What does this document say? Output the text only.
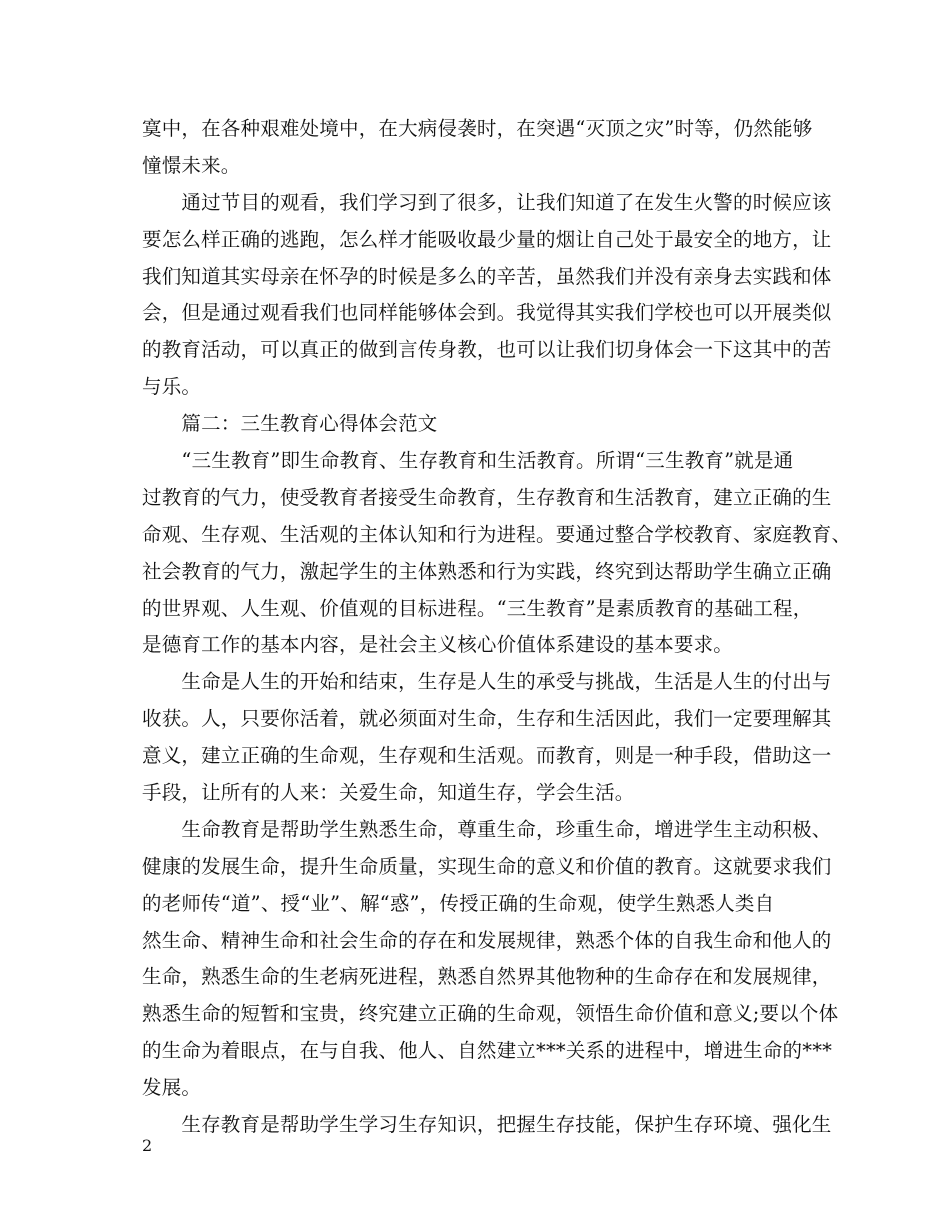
寞中，在各种艰难处境中，在大病侵袭时，在突遇“灭顶之灾”时等，仍然能够
憧憬未来。
　　通过节目的观看，我们学习到了很多，让我们知道了在发生火警的时候应该
要怎么样正确的逃跑，怎么样才能吸收最少量的烟让自己处于最安全的地方，让
我们知道其实母亲在怀孕的时候是多么的辛苦，虽然我们并没有亲身去实践和体
会，但是通过观看我们也同样能够体会到。我觉得其实我们学校也可以开展类似
的教育活动，可以真正的做到言传身教，也可以让我们切身体会一下这其中的苦
与乐。
　　篇二：三生教育心得体会范文
　　“三生教育”即生命教育、生存教育和生活教育。所谓“三生教育”就是通
过教育的气力，使受教育者接受生命教育，生存教育和生活教育，建立正确的生
命观、生存观、生活观的主体认知和行为进程。要通过整合学校教育、家庭教育、
社会教育的气力，激起学生的主体熟悉和行为实践，终究到达帮助学生确立正确
的世界观、人生观、价值观的目标进程。“三生教育”是素质教育的基础工程，
是德育工作的基本内容，是社会主义核心价值体系建设的基本要求。
　　生命是人生的开始和结束，生存是人生的承受与挑战，生活是人生的付出与
收获。人，只要你活着，就必须面对生命，生存和生活因此，我们一定要理解其
意义，建立正确的生命观，生存观和生活观。而教育，则是一种手段，借助这一
手段，让所有的人来：关爱生命，知道生存，学会生活。
　　生命教育是帮助学生熟悉生命，尊重生命，珍重生命，增进学生主动积极、
健康的发展生命，提升生命质量，实现生命的意义和价值的教育。这就要求我们
的老师传“道”、授“业”、解“惑”，传授正确的生命观，使学生熟悉人类自
然生命、精神生命和社会生命的存在和发展规律，熟悉个体的自我生命和他人的
生命，熟悉生命的生老病死进程，熟悉自然界其他物种的生命存在和发展规律，
熟悉生命的短暂和宝贵，终究建立正确的生命观，领悟生命价值和意义;要以个体
的生命为着眼点，在与自我、他人、自然建立***关系的进程中，增进生命的***
发展。
　　生存教育是帮助学生学习生存知识，把握生存技能，保护生存环境、强化生
2
